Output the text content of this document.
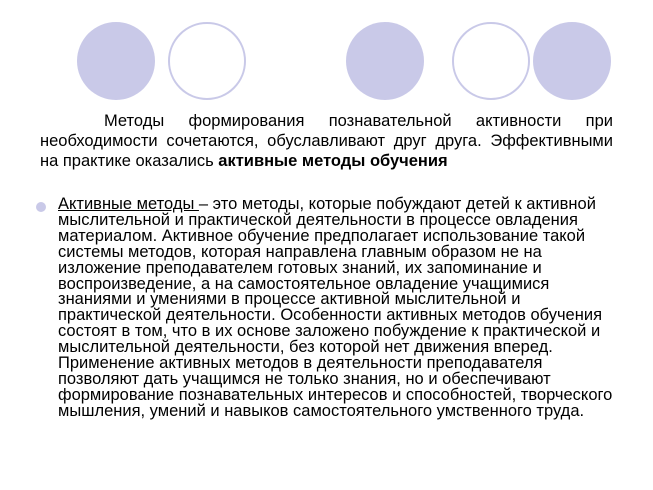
Методы формирования познавательной активности при необходимости сочетаются, обуславливают друг друга. Эффективными на практике оказались активные методы обучения

Активные методы – это методы, которые побуждают детей к активной мыслительной и практической деятельности в процессе овладения материалом. Активное обучение предполагает использование такой системы методов, которая направлена главным образом не на изложение преподавателем готовых знаний, их запоминание и воспроизведение, а на самостоятельное овладение учащимися знаниями и умениями в процессе активной мыслительной и практической деятельности. Особенности активных методов обучения состоят в том, что в их основе заложено побуждение к практической и мыслительной деятельности, без которой нет движения вперед. Применение активных методов в деятельности преподавателя позволяют дать учащимся не только знания, но и обеспечивают формирование познавательных интересов и способностей, творческого мышления, умений и навыков самостоятельного умственного труда.
